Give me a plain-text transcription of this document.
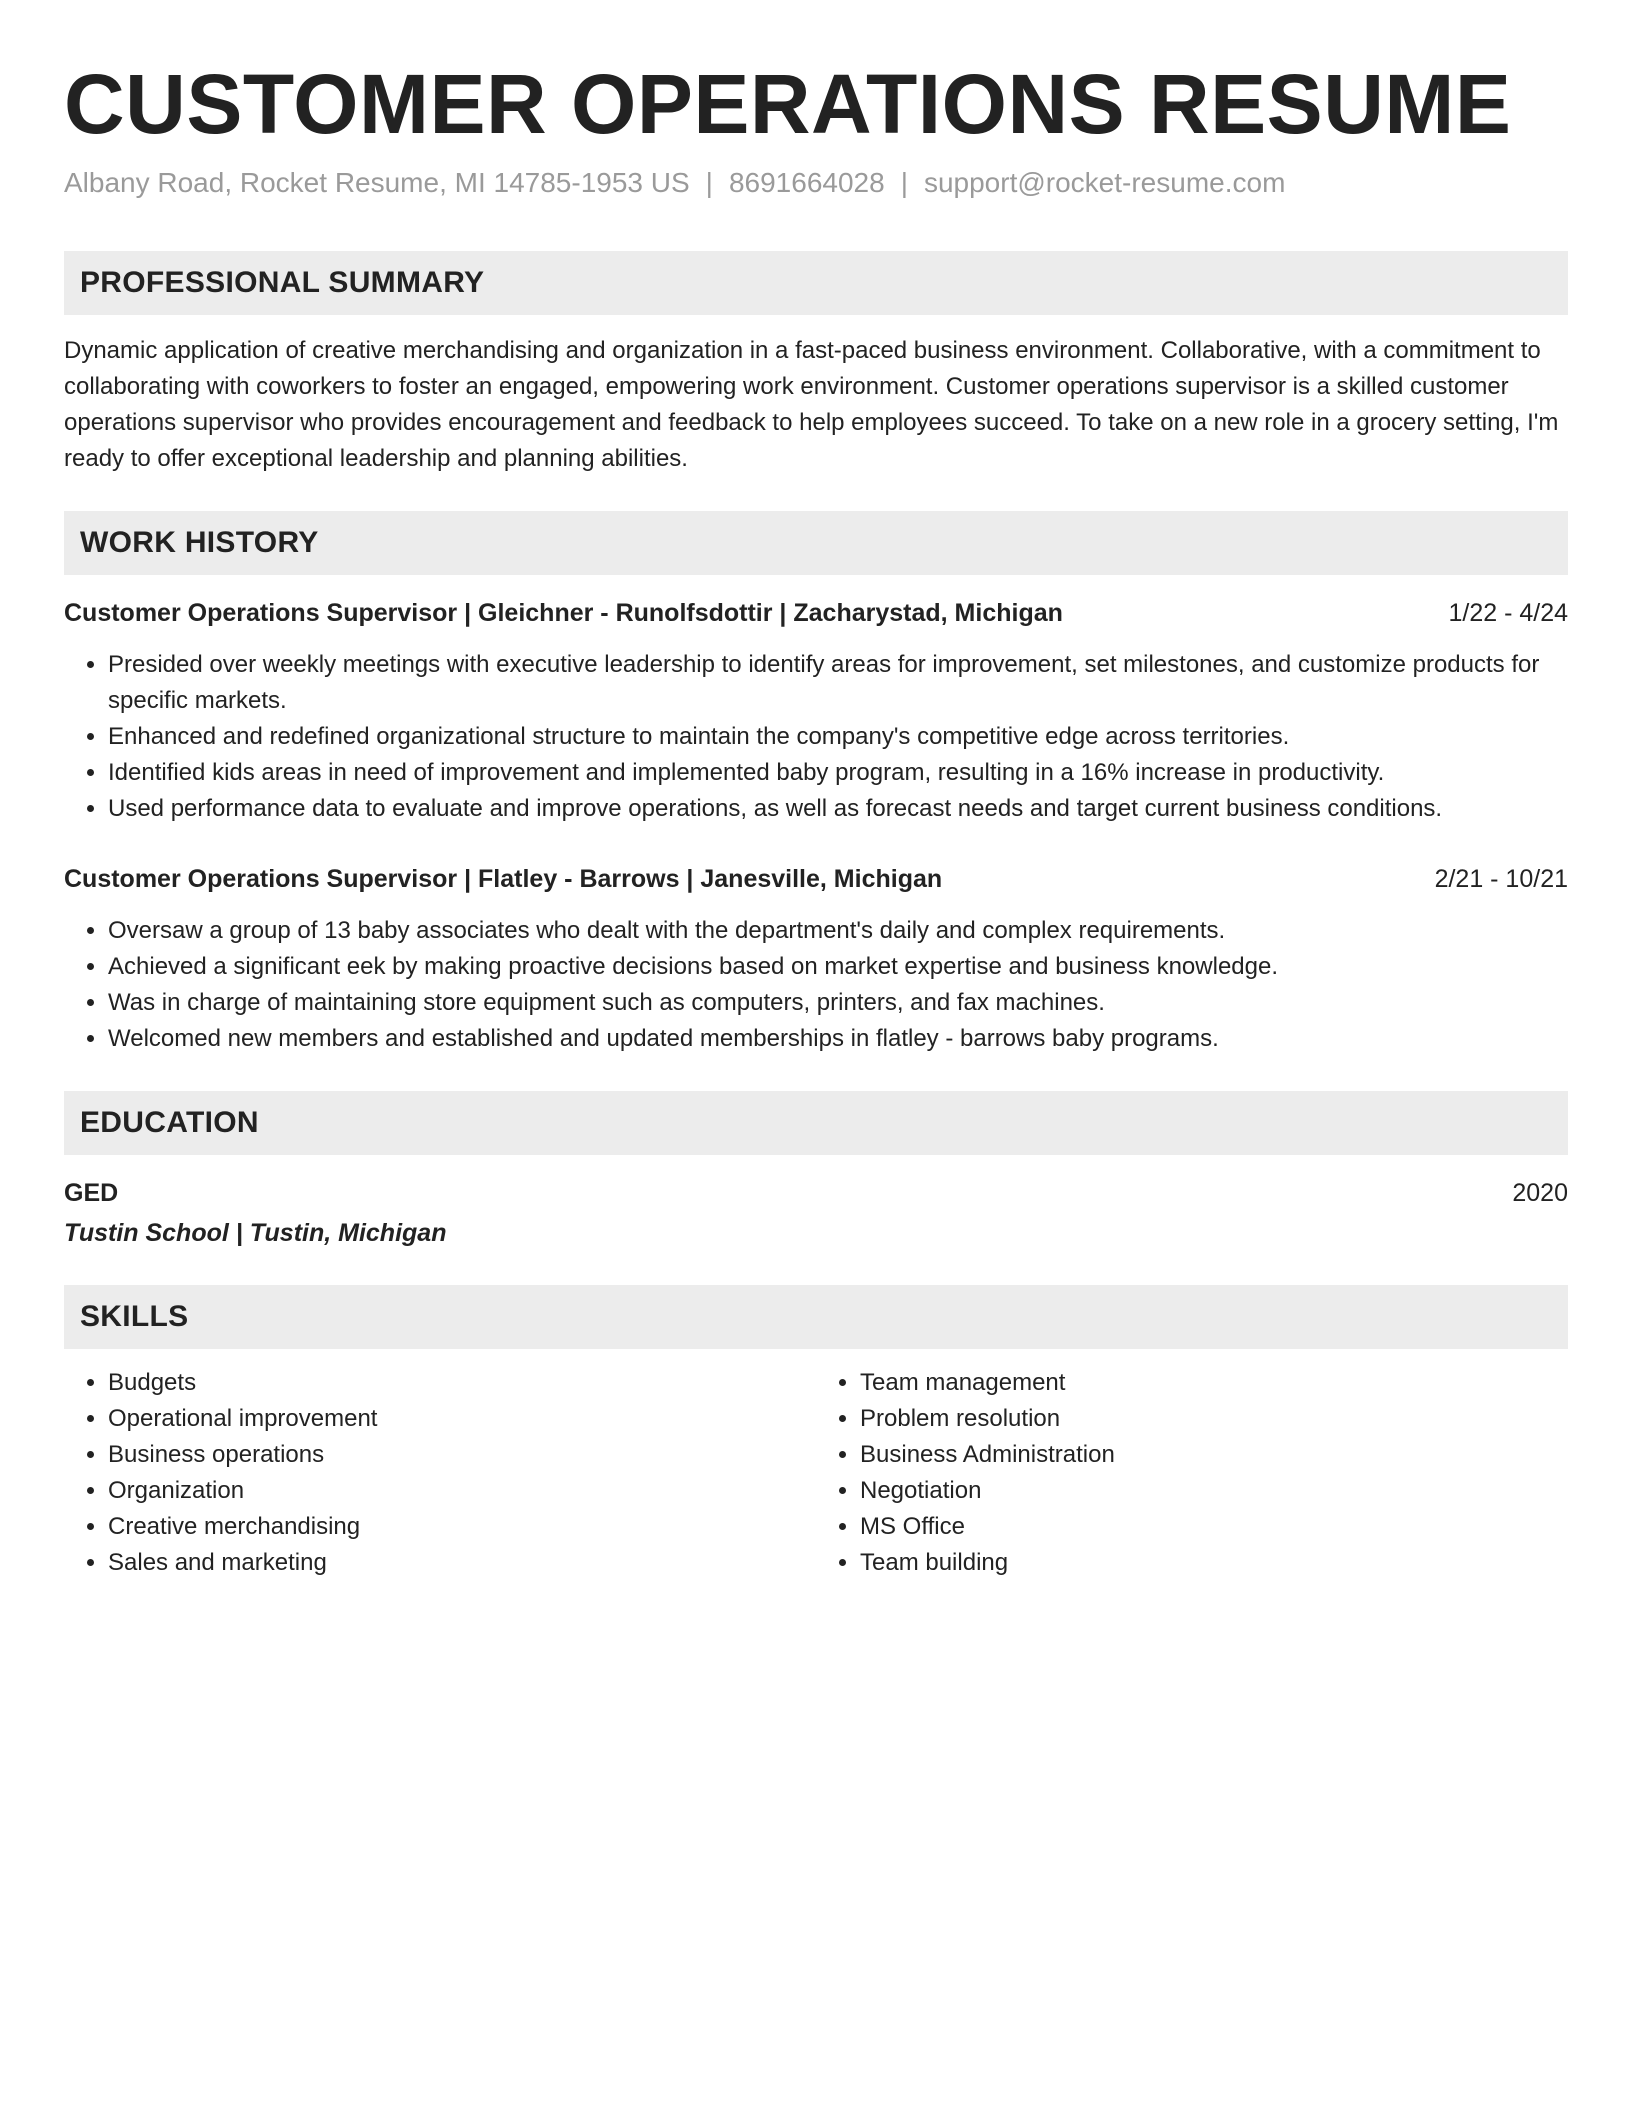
CUSTOMER OPERATIONS RESUME
Albany Road, Rocket Resume, MI 14785-1953 US | 8691664028 | support@rocket-resume.com
PROFESSIONAL SUMMARY
Dynamic application of creative merchandising and organization in a fast-paced business environment. Collaborative, with a commitment to collaborating with coworkers to foster an engaged, empowering work environment. Customer operations supervisor is a skilled customer operations supervisor who provides encouragement and feedback to help employees succeed. To take on a new role in a grocery setting, I'm ready to offer exceptional leadership and planning abilities.
WORK HISTORY
Customer Operations Supervisor | Gleichner - Runolfsdottir | Zacharystad, Michigan	1/22 - 4/24
• Presided over weekly meetings with executive leadership to identify areas for improvement, set milestones, and customize products for specific markets.
• Enhanced and redefined organizational structure to maintain the company's competitive edge across territories.
• Identified kids areas in need of improvement and implemented baby program, resulting in a 16% increase in productivity.
• Used performance data to evaluate and improve operations, as well as forecast needs and target current business conditions.
Customer Operations Supervisor | Flatley - Barrows | Janesville, Michigan	2/21 - 10/21
• Oversaw a group of 13 baby associates who dealt with the department's daily and complex requirements.
• Achieved a significant eek by making proactive decisions based on market expertise and business knowledge.
• Was in charge of maintaining store equipment such as computers, printers, and fax machines.
• Welcomed new members and established and updated memberships in flatley - barrows baby programs.
EDUCATION
GED	2020
Tustin School | Tustin, Michigan
SKILLS
• Budgets
• Operational improvement
• Business operations
• Organization
• Creative merchandising
• Sales and marketing
• Team management
• Problem resolution
• Business Administration
• Negotiation
• MS Office
• Team building
